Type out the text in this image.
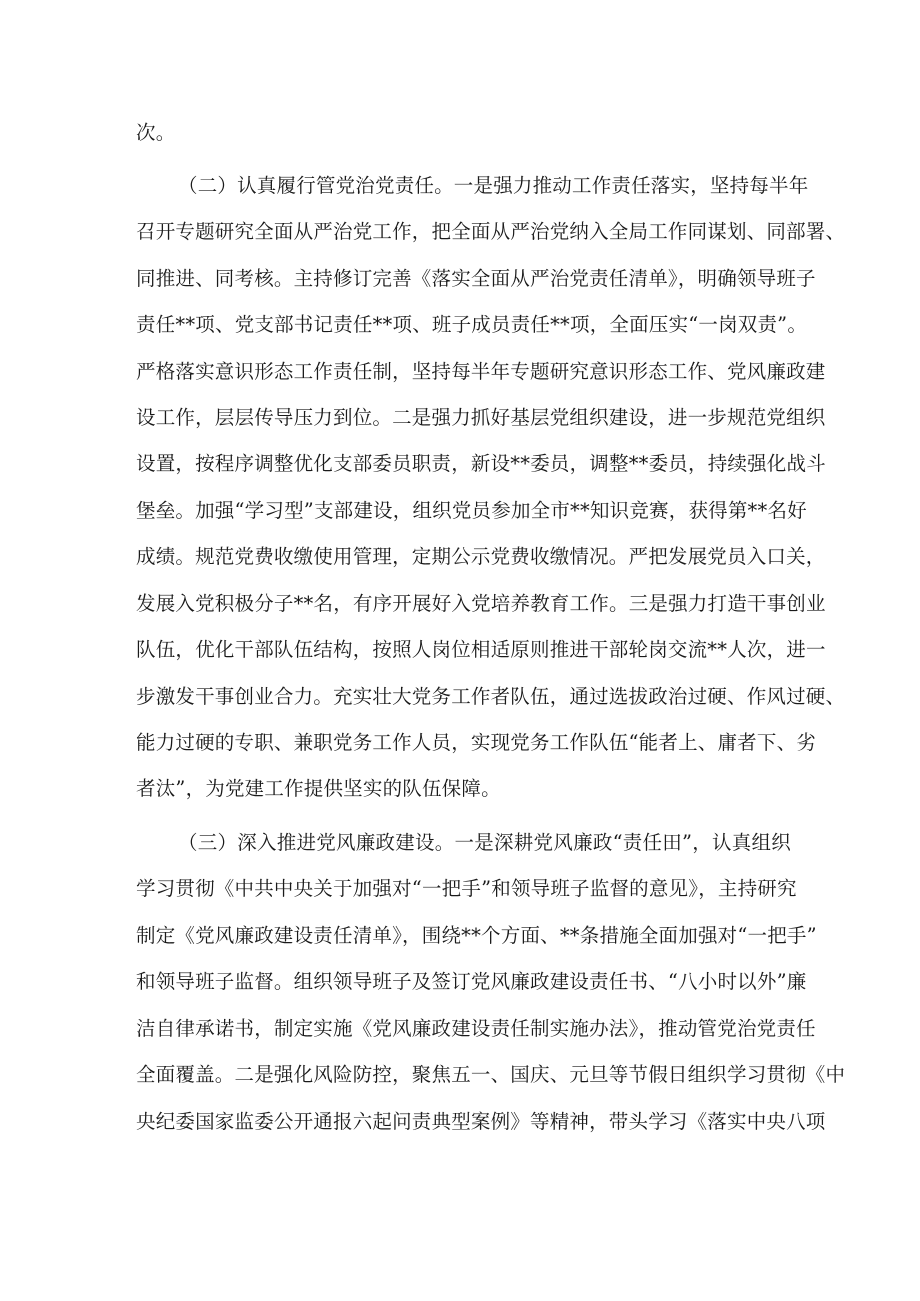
次。
（二）认真履行管党治党责任。一是强力推动工作责任落实，坚持每半年
召开专题研究全面从严治党工作，把全面从严治党纳入全局工作同谋划、同部署、
同推进、同考核。主持修订完善《落实全面从严治党责任清单》，明确领导班子
责任**项、党支部书记责任**项、班子成员责任**项，全面压实“一岗双责”。
严格落实意识形态工作责任制，坚持每半年专题研究意识形态工作、党风廉政建
设工作，层层传导压力到位。二是强力抓好基层党组织建设，进一步规范党组织
设置，按程序调整优化支部委员职责，新设**委员，调整**委员，持续强化战斗
堡垒。加强“学习型”支部建设，组织党员参加全市**知识竞赛，获得第**名好
成绩。规范党费收缴使用管理，定期公示党费收缴情况。严把发展党员入口关，
发展入党积极分子**名，有序开展好入党培养教育工作。三是强力打造干事创业
队伍，优化干部队伍结构，按照人岗位相适原则推进干部轮岗交流**人次，进一
步激发干事创业合力。充实壮大党务工作者队伍，通过选拔政治过硬、作风过硬、
能力过硬的专职、兼职党务工作人员，实现党务工作队伍“能者上、庸者下、劣
者汰”，为党建工作提供坚实的队伍保障。
（三）深入推进党风廉政建设。一是深耕党风廉政“责任田”，认真组织
学习贯彻《中共中央关于加强对“一把手”和领导班子监督的意见》，主持研究
制定《党风廉政建设责任清单》，围绕**个方面、**条措施全面加强对“一把手”
和领导班子监督。组织领导班子及签订党风廉政建设责任书、“八小时以外”廉
洁自律承诺书，制定实施《党风廉政建设责任制实施办法》，推动管党治党责任
全面覆盖。二是强化风险防控，聚焦五一、国庆、元旦等节假日组织学习贯彻《中
央纪委国家监委公开通报六起问责典型案例》等精神，带头学习《落实中央八项
